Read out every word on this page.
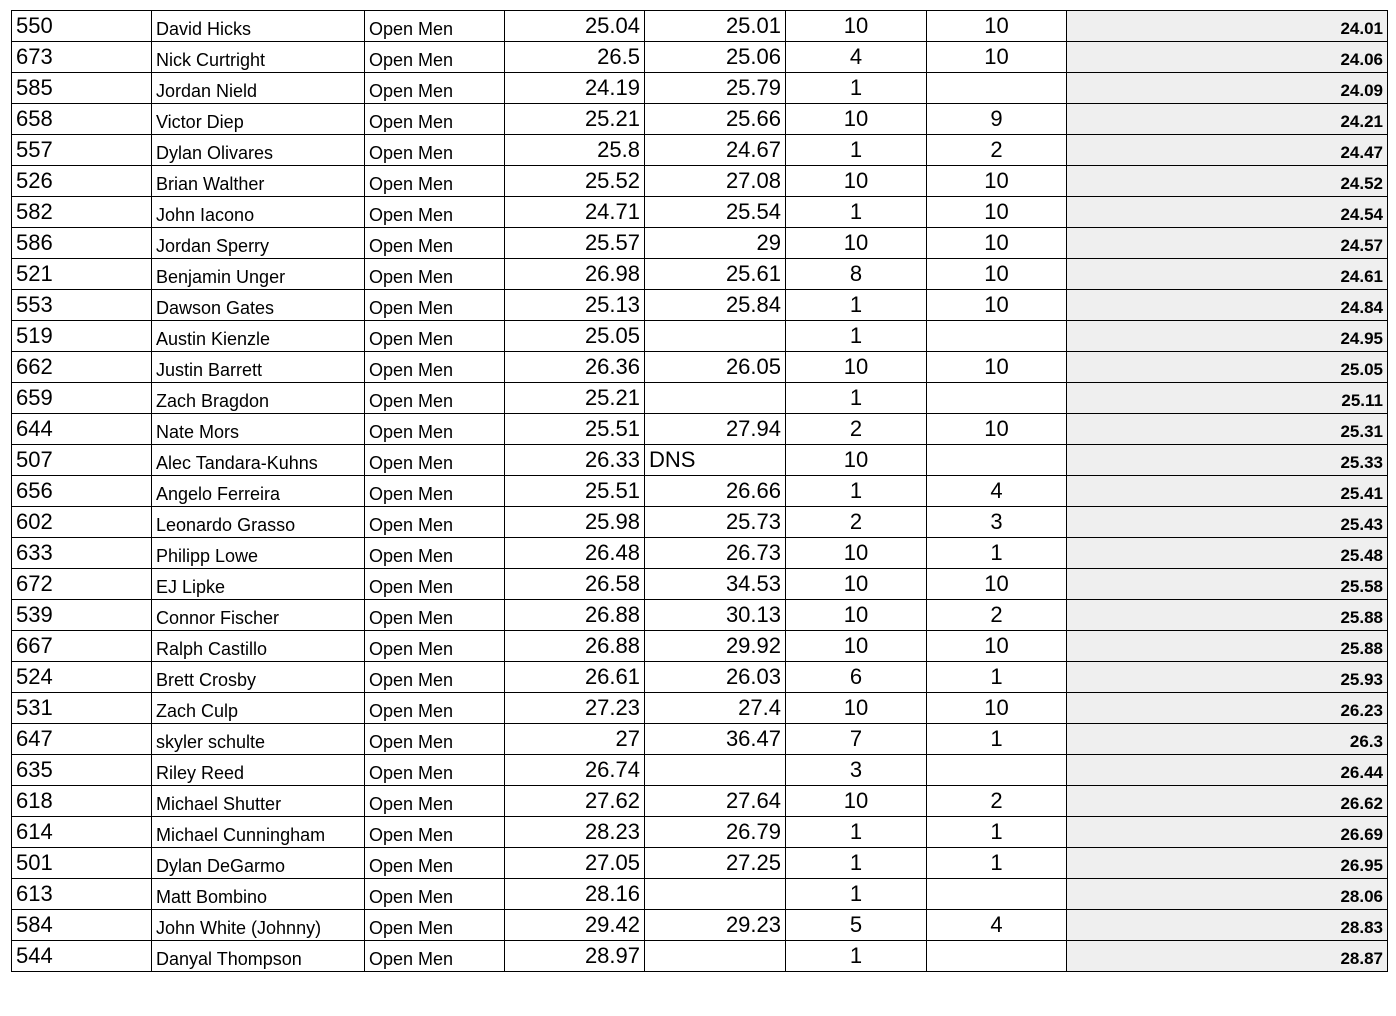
550	David Hicks	Open Men	25.04	25.01	10	10	24.01
673	Nick Curtright	Open Men	26.5	25.06	4	10	24.06
585	Jordan Nield	Open Men	24.19	25.79	1		24.09
658	Victor Diep	Open Men	25.21	25.66	10	9	24.21
557	Dylan Olivares	Open Men	25.8	24.67	1	2	24.47
526	Brian Walther	Open Men	25.52	27.08	10	10	24.52
582	John Iacono	Open Men	24.71	25.54	1	10	24.54
586	Jordan Sperry	Open Men	25.57	29	10	10	24.57
521	Benjamin Unger	Open Men	26.98	25.61	8	10	24.61
553	Dawson Gates	Open Men	25.13	25.84	1	10	24.84
519	Austin Kienzle	Open Men	25.05		1		24.95
662	Justin Barrett	Open Men	26.36	26.05	10	10	25.05
659	Zach Bragdon	Open Men	25.21		1		25.11
644	Nate Mors	Open Men	25.51	27.94	2	10	25.31
507	Alec Tandara-Kuhns	Open Men	26.33	DNS	10		25.33
656	Angelo Ferreira	Open Men	25.51	26.66	1	4	25.41
602	Leonardo Grasso	Open Men	25.98	25.73	2	3	25.43
633	Philipp Lowe	Open Men	26.48	26.73	10	1	25.48
672	EJ Lipke	Open Men	26.58	34.53	10	10	25.58
539	Connor Fischer	Open Men	26.88	30.13	10	2	25.88
667	Ralph Castillo	Open Men	26.88	29.92	10	10	25.88
524	Brett Crosby	Open Men	26.61	26.03	6	1	25.93
531	Zach Culp	Open Men	27.23	27.4	10	10	26.23
647	skyler schulte	Open Men	27	36.47	7	1	26.3
635	Riley Reed	Open Men	26.74		3		26.44
618	Michael Shutter	Open Men	27.62	27.64	10	2	26.62
614	Michael Cunningham	Open Men	28.23	26.79	1	1	26.69
501	Dylan DeGarmo	Open Men	27.05	27.25	1	1	26.95
613	Matt Bombino	Open Men	28.16		1		28.06
584	John White (Johnny)	Open Men	29.42	29.23	5	4	28.83
544	Danyal Thompson	Open Men	28.97		1		28.87
